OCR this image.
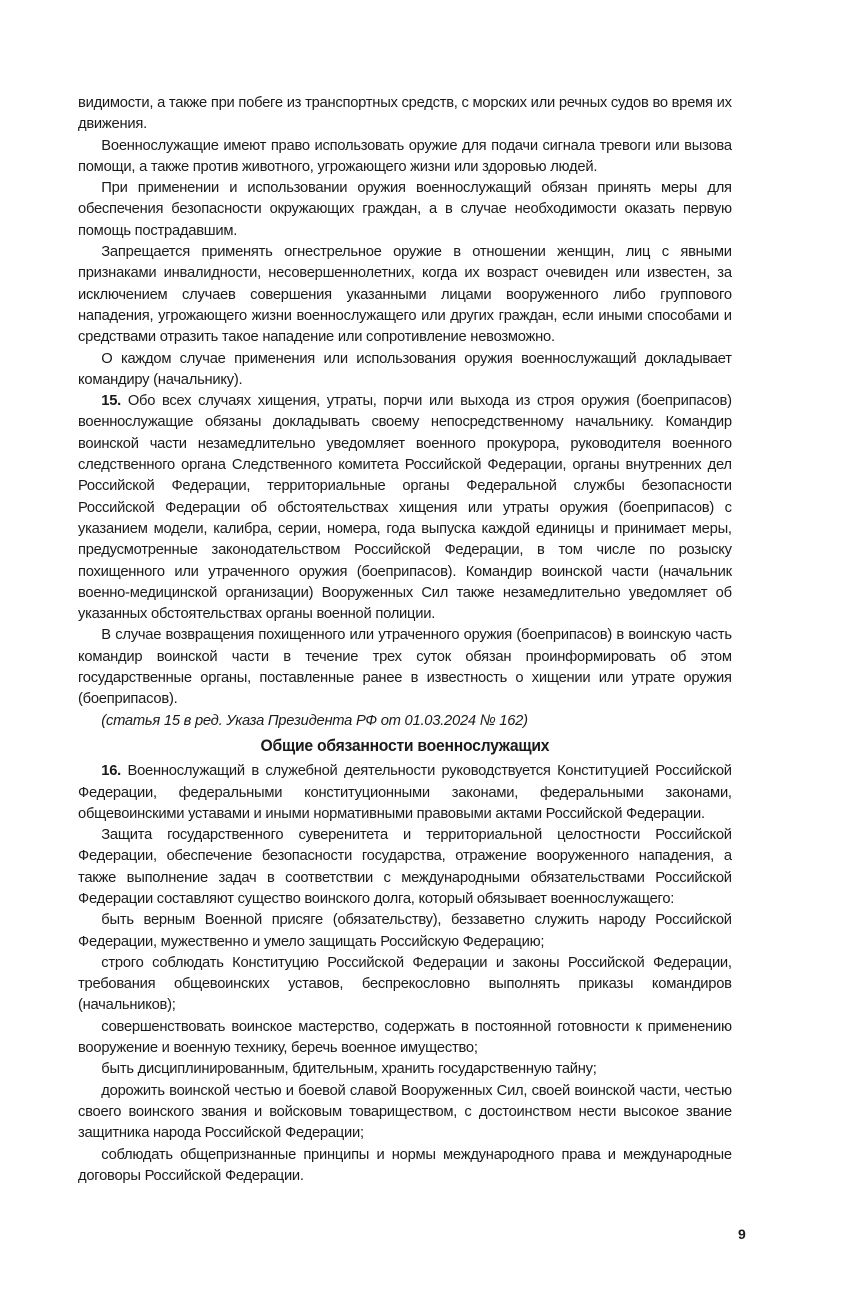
видимости, а также при побеге из транспортных средств, с морских или речных судов во время их движения.

Военнослужащие имеют право использовать оружие для подачи сигнала тревоги или вызова помощи, а также против животного, угрожающего жизни или здоровью людей.

При применении и использовании оружия военнослужащий обязан принять меры для обеспечения безопасности окружающих граждан, а в случае необходимости оказать первую помощь пострадавшим.

Запрещается применять огнестрельное оружие в отношении женщин, лиц с явными признаками инвалидности, несовершеннолетних, когда их возраст очевиден или известен, за исключением случаев совершения указанными лицами вооруженного либо группового нападения, угрожающего жизни военнослужащего или других граждан, если иными способами и средствами отразить такое нападение или сопротивление невозможно.

О каждом случае применения или использования оружия военнослужащий докладывает командиру (начальнику).

15. Обо всех случаях хищения, утраты, порчи или выхода из строя оружия (боеприпасов) военнослужащие обязаны докладывать своему непосредственному начальнику. Командир воинской части незамедлительно уведомляет военного прокурора, руководителя военного следственного органа Следственного комитета Российской Федерации, органы внутренних дел Российской Федерации, территориальные органы Федеральной службы безопасности Российской Федерации об обстоятельствах хищения или утраты оружия (боеприпасов) с указанием модели, калибра, серии, номера, года выпуска каждой единицы и принимает меры, предусмотренные законодательством Российской Федерации, в том числе по розыску похищенного или утраченного оружия (боеприпасов). Командир воинской части (начальник военно-медицинской организации) Вооруженных Сил также незамедлительно уведомляет об указанных обстоятельствах органы военной полиции.

В случае возвращения похищенного или утраченного оружия (боеприпасов) в воинскую часть командир воинской части в течение трех суток обязан проинформировать об этом государственные органы, поставленные ранее в известность о хищении или утрате оружия (боеприпасов).

(статья 15 в ред. Указа Президента РФ от 01.03.2024 № 162)

Общие обязанности военнослужащих

16. Военнослужащий в служебной деятельности руководствуется Конституцией Российской Федерации, федеральными конституционными законами, федеральными законами, общевоинскими уставами и иными нормативными правовыми актами Российской Федерации.

Защита государственного суверенитета и территориальной целостности Российской Федерации, обеспечение безопасности государства, отражение вооруженного нападения, а также выполнение задач в соответствии с международными обязательствами Российской Федерации составляют существо воинского долга, который обязывает военнослужащего:

быть верным Военной присяге (обязательству), беззаветно служить народу Российской Федерации, мужественно и умело защищать Российскую Федерацию;

строго соблюдать Конституцию Российской Федерации и законы Российской Федерации, требования общевоинских уставов, беспрекословно выполнять приказы командиров (начальников);

совершенствовать воинское мастерство, содержать в постоянной готовности к применению вооружение и военную технику, беречь военное имущество;

быть дисциплинированным, бдительным, хранить государственную тайну;

дорожить воинской честью и боевой славой Вооруженных Сил, своей воинской части, честью своего воинского звания и войсковым товариществом, с достоинством нести высокое звание защитника народа Российской Федерации;

соблюдать общепризнанные принципы и нормы международного права и международные договоры Российской Федерации.

9
